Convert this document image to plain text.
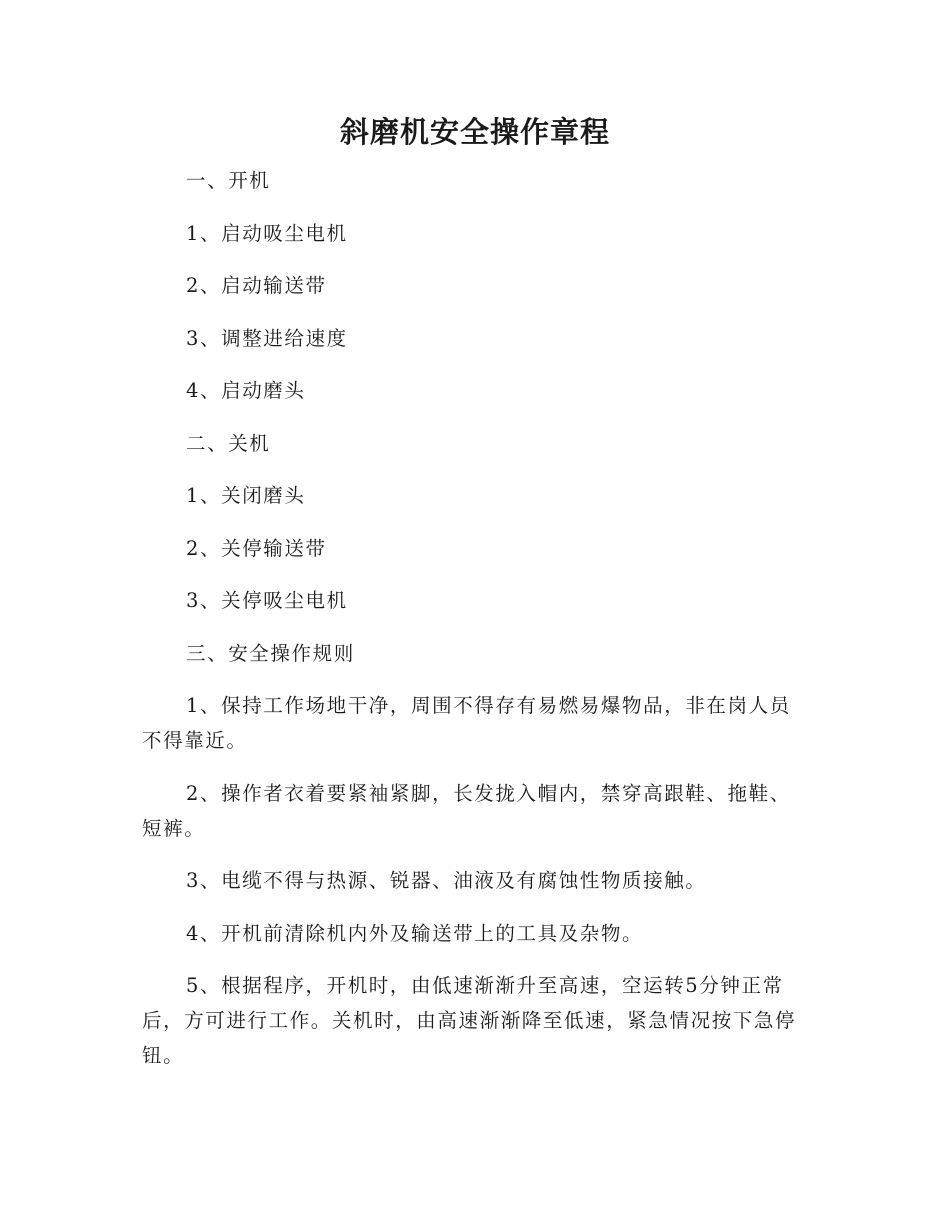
斜磨机安全操作章程

一、开机

1、启动吸尘电机

2、启动输送带

3、调整进给速度

4、启动磨头

二、关机

1、关闭磨头

2、关停输送带

3、关停吸尘电机

三、安全操作规则

1、保持工作场地干净，周围不得存有易燃易爆物品，非在岗人员不得靠近。

2、操作者衣着要紧袖紧脚，长发拢入帽内，禁穿高跟鞋、拖鞋、短裤。

3、电缆不得与热源、锐器、油液及有腐蚀性物质接触。

4、开机前清除机内外及输送带上的工具及杂物。

5、根据程序，开机时，由低速渐渐升至高速，空运转5分钟正常后，方可进行工作。关机时，由高速渐渐降至低速，紧急情况按下急停钮。
